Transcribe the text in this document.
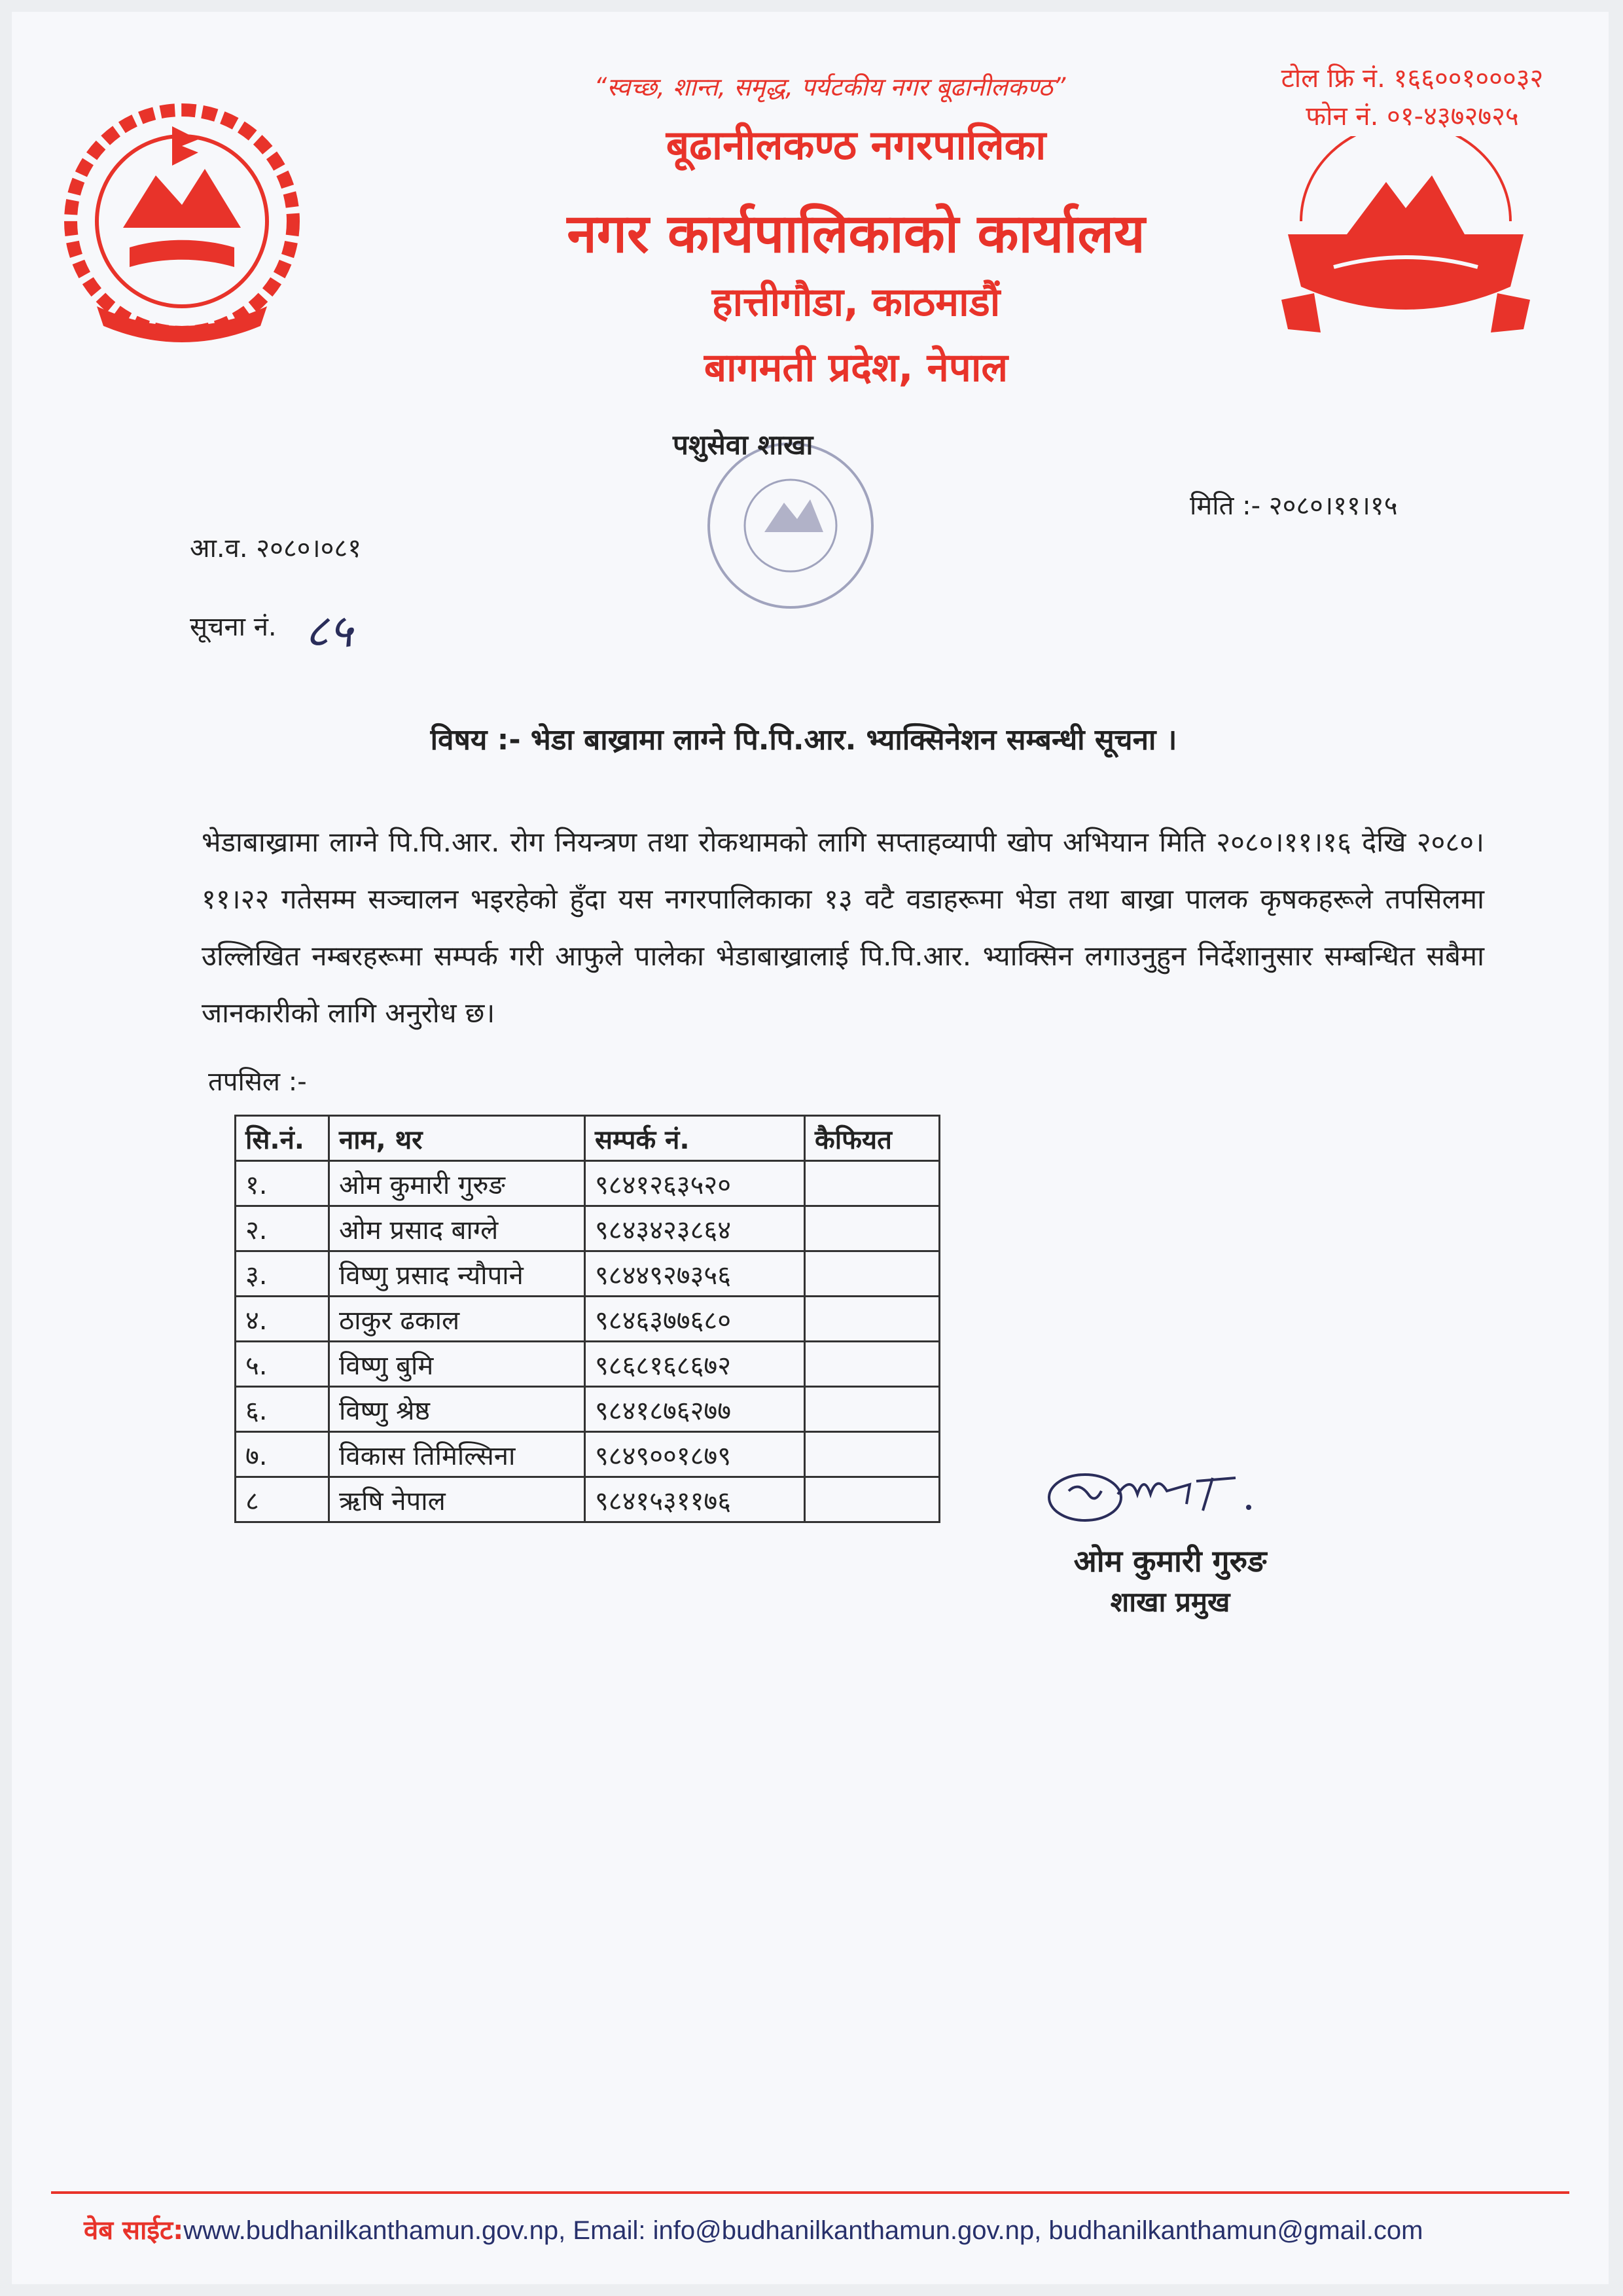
“स्वच्छ, शान्त, समृद्ध, पर्यटकीय नगर बूढानीलकण्ठ”
बूढानीलकण्ठ नगरपालिका
नगर कार्यपालिकाको कार्यालय
हात्तीगौडा, काठमाडौं
बागमती प्रदेश, नेपाल
टोल फ्रि नं. १६६००१०००३२
फोन नं. ०१-४३७२७२५
पशुसेवा शाखा
मिति :- २०८०।११।१५
आ.व. २०८०।०८१
सूचना नं. ८५
विषय :- भेडा बाख्रामा लाग्ने पि.पि.आर. भ्याक्सिनेशन सम्बन्धी सूचना ।
भेडाबाख्रामा लाग्ने पि.पि.आर. रोग नियन्त्रण तथा रोकथामको लागि सप्ताहव्यापी खोप अभियान मिति २०८०।११।१६ देखि २०८०।११।२२ गतेसम्म सञ्चालन भइरहेको हुँदा यस नगरपालिकाका १३ वटै वडाहरूमा भेडा तथा बाख्रा पालक कृषकहरूले तपसिलमा उल्लिखित नम्बरहरूमा सम्पर्क गरी आफुले पालेका भेडाबाख्रालाई पि.पि.आर. भ्याक्सिन लगाउनुहुन निर्देशानुसार सम्बन्धित सबैमा जानकारीको लागि अनुरोध छ।
तपसिल :-
सि.नं.	नाम, थर	सम्पर्क नं.	कैफियत
१.	ओम कुमारी गुरुङ	९८४१२६३५२०	
२.	ओम प्रसाद बाग्ले	९८४३४२३८६४	
३.	विष्णु प्रसाद न्यौपाने	९८४४९२७३५६	
४.	ठाकुर ढकाल	९८४६३७७६८०	
५.	विष्णु बुमि	९८६८१६८६७२	
६.	विष्णु श्रेष्ठ	९८४१८७६२७७	
७.	विकास तिमिल्सिना	९८४९००१८७९	
८	ऋषि नेपाल	९८४१५३११७६	
ओम कुमारी गुरुङ
शाखा प्रमुख
वेब साईट:www.budhanilkanthamun.gov.np, Email: info@budhanilkanthamun.gov.np, budhanilkanthamun@gmail.com
